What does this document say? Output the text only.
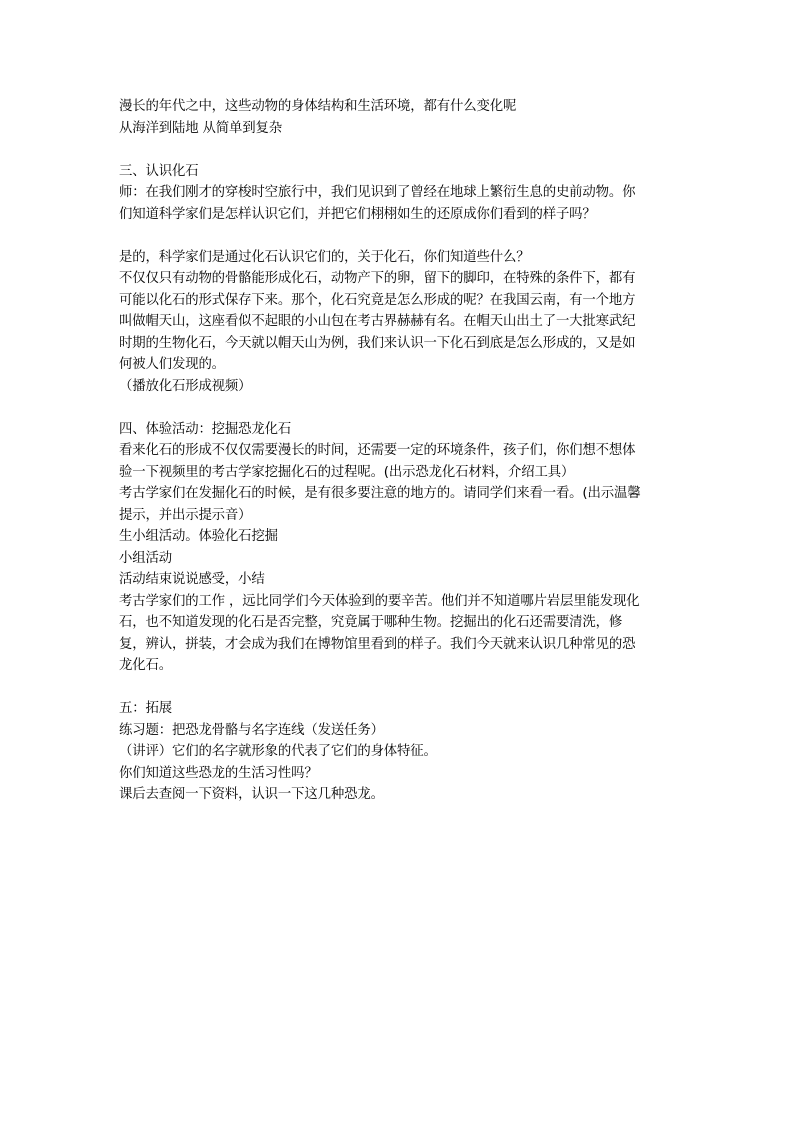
漫长的年代之中，这些动物的身体结构和生活环境，都有什么变化呢
从海洋到陆地 从简单到复杂
三、认识化石
师：在我们刚才的穿梭时空旅行中，我们见识到了曾经在地球上繁衍生息的史前动物。你
们知道科学家们是怎样认识它们，并把它们栩栩如生的还原成你们看到的样子吗？
是的，科学家们是通过化石认识它们的，关于化石，你们知道些什么？
不仅仅只有动物的骨骼能形成化石，动物产下的卵，留下的脚印，在特殊的条件下，都有
可能以化石的形式保存下来。那个，化石究竟是怎么形成的呢？在我国云南，有一个地方
叫做帽天山，这座看似不起眼的小山包在考古界赫赫有名。在帽天山出土了一大批寒武纪
时期的生物化石，今天就以帽天山为例，我们来认识一下化石到底是怎么形成的，又是如
何被人们发现的。
（播放化石形成视频）
四、体验活动：挖掘恐龙化石
看来化石的形成不仅仅需要漫长的时间，还需要一定的环境条件，孩子们，你们想不想体
验一下视频里的考古学家挖掘化石的过程呢。(出示恐龙化石材料，介绍工具）
考古学家们在发掘化石的时候，是有很多要注意的地方的。请同学们来看一看。(出示温馨
提示，并出示提示音）
生小组活动。体验化石挖掘
小组活动
活动结束说说感受，小结
考古学家们的工作 ，远比同学们今天体验到的要辛苦。他们并不知道哪片岩层里能发现化
石，也不知道发现的化石是否完整，究竟属于哪种生物。挖掘出的化石还需要清洗，修
复，辨认，拼装，才会成为我们在博物馆里看到的样子。我们今天就来认识几种常见的恐
龙化石。
五：拓展
练习题：把恐龙骨骼与名字连线（发送任务）
（讲评）它们的名字就形象的代表了它们的身体特征。
你们知道这些恐龙的生活习性吗？
课后去查阅一下资料，认识一下这几种恐龙。
